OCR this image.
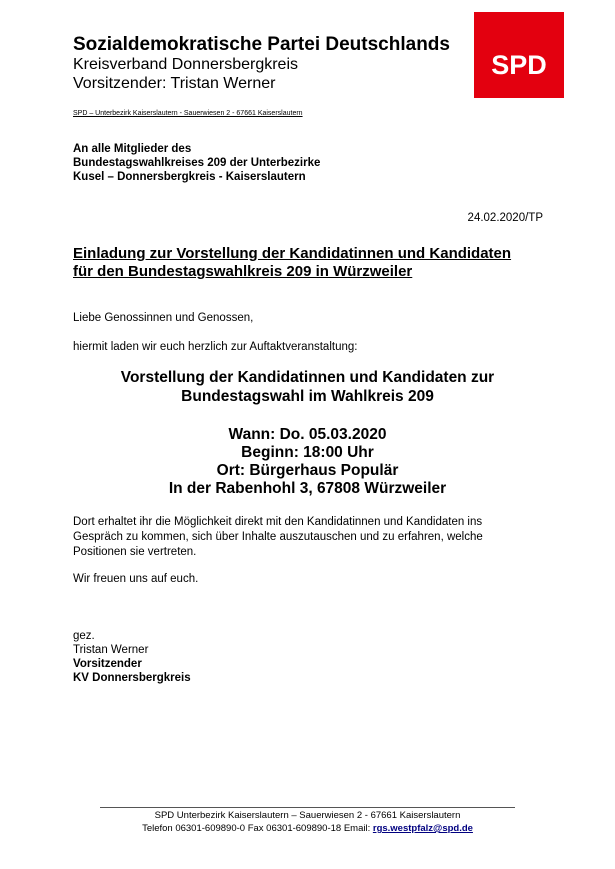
Sozialdemokratische Partei Deutschlands
Kreisverband Donnersbergkreis
Vorsitzender: Tristan Werner
SPD
SPD – Unterbezirk Kaiserslautern - Sauerwiesen 2 - 67661 Kaiserslautern
An alle Mitglieder des
Bundestagswahlkreises 209 der Unterbezirke
Kusel – Donnersbergkreis - Kaiserslautern
24.02.2020/TP
Einladung zur Vorstellung der Kandidatinnen und Kandidaten
für den Bundestagswahlkreis 209 in Würzweiler
Liebe Genossinnen und Genossen,
hiermit laden wir euch herzlich zur Auftaktveranstaltung:
Vorstellung der Kandidatinnen und Kandidaten zur
Bundestagswahl im Wahlkreis 209
Wann: Do. 05.03.2020
Beginn: 18:00 Uhr
Ort: Bürgerhaus Populär
In der Rabenhohl 3, 67808 Würzweiler
Dort erhaltet ihr die Möglichkeit direkt mit den Kandidatinnen und Kandidaten ins
Gespräch zu kommen, sich über Inhalte auszutauschen und zu erfahren, welche
Positionen sie vertreten.
Wir freuen uns auf euch.
gez.
Tristan Werner
Vorsitzender
KV Donnersbergkreis
SPD Unterbezirk Kaiserslautern – Sauerwiesen 2 - 67661 Kaiserslautern
Telefon 06301-609890-0 Fax 06301-609890-18 Email: rgs.westpfalz@spd.de
